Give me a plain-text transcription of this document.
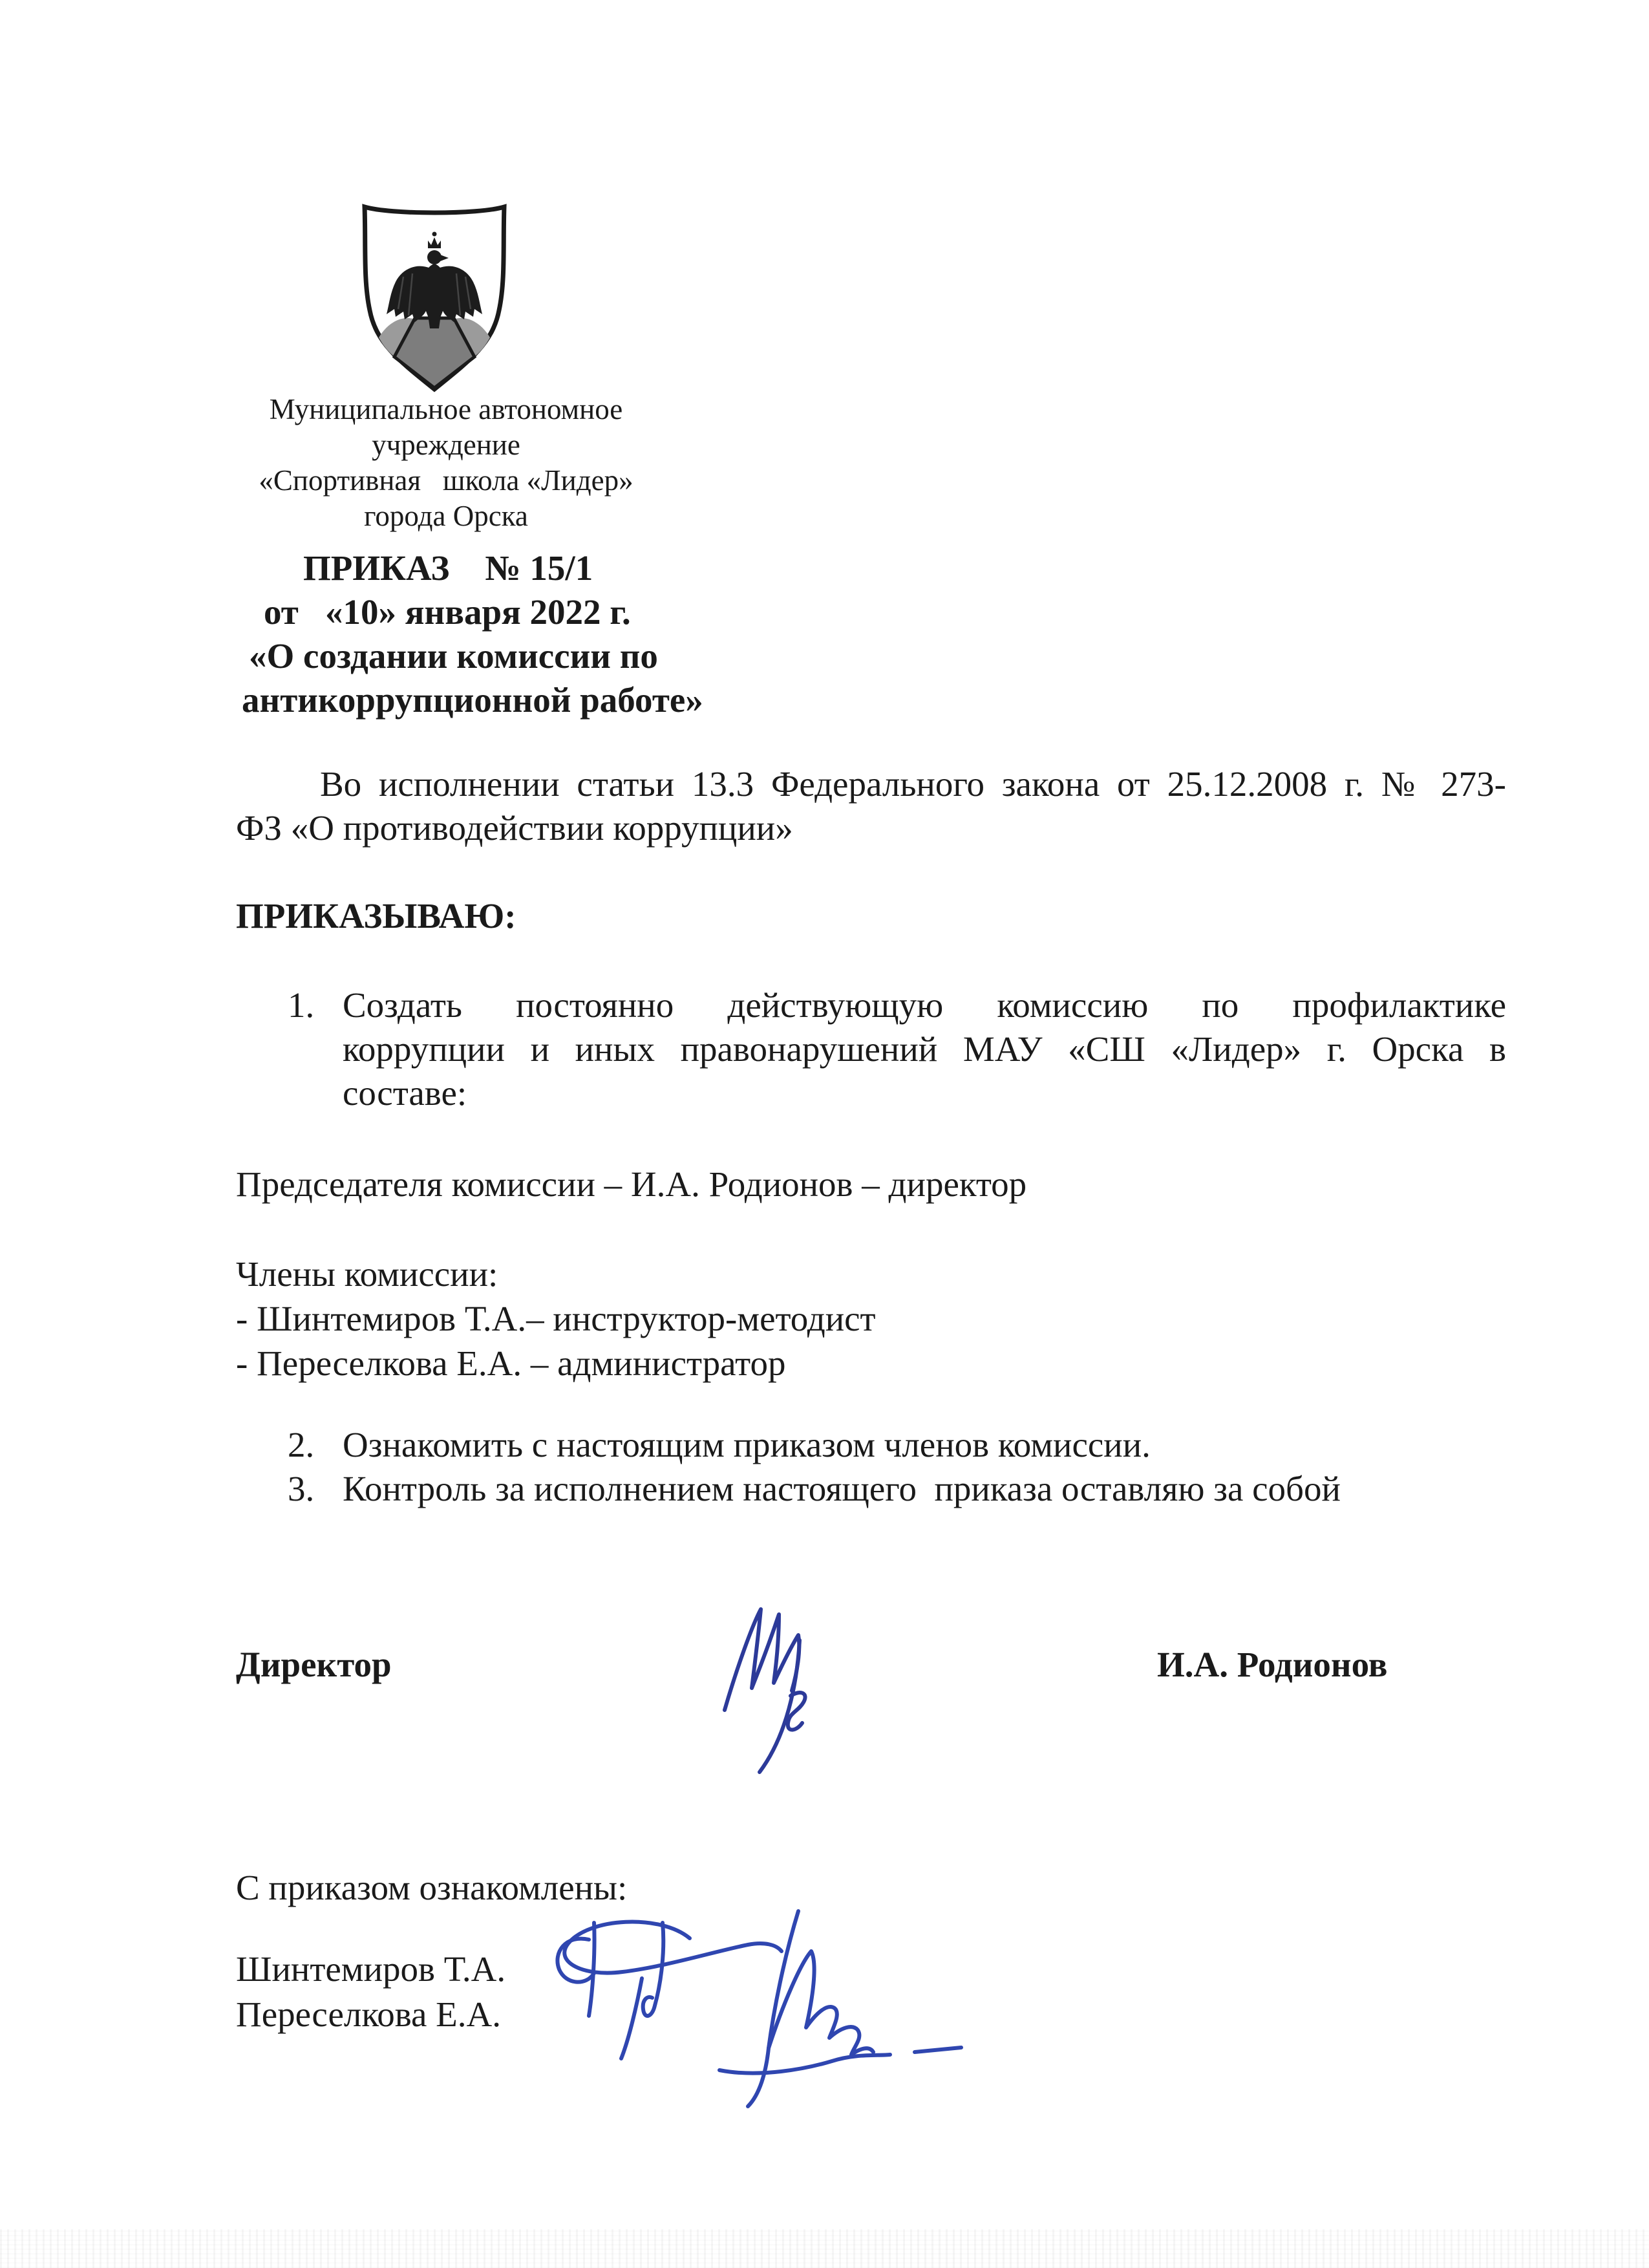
Муниципальное автономное
учреждение
«Спортивная   школа «Лидер»
города Орска
ПРИКАЗ    № 15/1
от   «10» января 2022 г.
«О создании комиссии по
антикоррупционной работе»
Во исполнении статьи 13.3 Федерального закона от 25.12.2008 г. № 273-
ФЗ «О противодействии коррупции»
ПРИКАЗЫВАЮ:
1. Создать постоянно действующую комиссию по профилактике
коррупции и иных правонарушений МАУ «СШ «Лидер» г. Орска в
составе:
Председателя комиссии – И.А. Родионов – директор
Члены комиссии:
- Шинтемиров Т.А.– инструктор-методист
- Переселкова Е.А. – администратор
2. Ознакомить с настоящим приказом членов комиссии.
3. Контроль за исполнением настоящего  приказа оставляю за собой
Директор	И.А. Родионов
С приказом ознакомлены:
Шинтемиров Т.А.
Переселкова Е.А.
